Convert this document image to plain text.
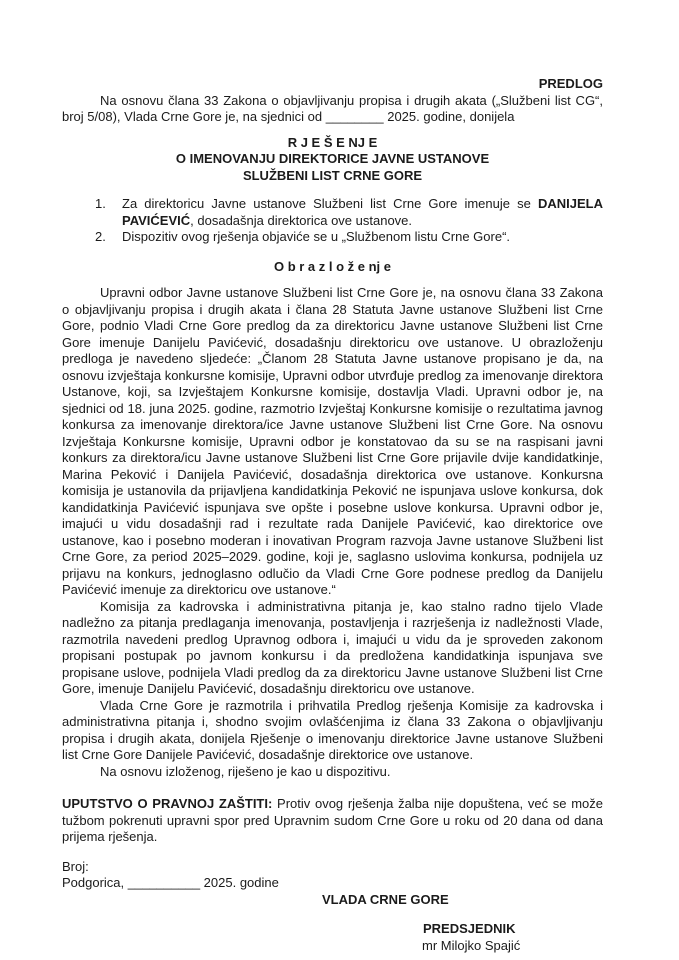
PREDLOG

Na osnovu člana 33 Zakona o objavljivanju propisa i drugih akata („Službeni list CG“, broj 5/08), Vlada Crne Gore je, na sjednici od ________ 2025. godine, donijela

R J E Š E NJ E
O IMENOVANJU DIREKTORICE JAVNE USTANOVE
SLUŽBENI LIST CRNE GORE
1.	Za direktoricu Javne ustanove Službeni list Crne Gore imenuje se DANIJELA PAVIĆEVIĆ, dosadašnja direktorica ove ustanove.
2.	Dispozitiv ovog rješenja objaviće se u „Službenom listu Crne Gore“.
O b r a z l o ž e nj e

Upravni odbor Javne ustanove Službeni list Crne Gore je, na osnovu člana 33 Zakona o objavljivanju propisa i drugih akata i člana 28 Statuta Javne ustanove Službeni list Crne Gore, podnio Vladi Crne Gore predlog da za direktoricu Javne ustanove Službeni list Crne Gore imenuje Danijelu Pavićević, dosadašnju direktoricu ove ustanove. U obrazloženju predloga je navedeno sljedeće: „Članom 28 Statuta Javne ustanove propisano je da, na osnovu izvještaja konkursne komisije, Upravni odbor utvrđuje predlog za imenovanje direktora Ustanove, koji, sa Izvještajem Konkursne komisije, dostavlja Vladi. Upravni odbor je, na sjednici od 18. juna 2025. godine, razmotrio Izvještaj Konkursne komisije o rezultatima javnog konkursa za imenovanje direktora/ice Javne ustanove Službeni list Crne Gore. Na osnovu Izvještaja Konkursne komisije, Upravni odbor je konstatovao da su se na raspisani javni konkurs za direktora/icu Javne ustanove Službeni list Crne Gore prijavile dvije kandidatkinje, Marina Peković i Danijela Pavićević, dosadašnja direktorica ove ustanove. Konkursna komisija je ustanovila da prijavljena kandidatkinja Peković ne ispunjava uslove konkursa, dok kandidatkinja Pavićević ispunjava sve opšte i posebne uslove konkursa. Upravni odbor je, imajući u vidu dosadašnji rad i rezultate rada Danijele Pavićević, kao direktorice ove ustanove, kao i posebno moderan i inovativan Program razvoja Javne ustanove Službeni list Crne Gore, za period 2025–2029. godine, koji je, saglasno uslovima konkursa, podnijela uz prijavu na konkurs, jednoglasno odlučio da Vladi Crne Gore podnese predlog da Danijelu Pavićević imenuje za direktoricu ove ustanove.“

Komisija za kadrovska i administrativna pitanja je, kao stalno radno tijelo Vlade nadležno za pitanja predlaganja imenovanja, postavljenja i razrješenja iz nadležnosti Vlade, razmotrila navedeni predlog Upravnog odbora i, imajući u vidu da je sproveden zakonom propisani postupak po javnom konkursu i da predložena kandidatkinja ispunjava sve propisane uslove, podnijela Vladi predlog da za direktoricu Javne ustanove Službeni list Crne Gore, imenuje Danijelu Pavićević, dosadašnju direktoricu ove ustanove.

Vlada Crne Gore je razmotrila i prihvatila Predlog rješenja Komisije za kadrovska i administrativna pitanja i, shodno svojim ovlašćenjima iz člana 33 Zakona o objavljivanju propisa i drugih akata, donijela Rješenje o imenovanju direktorice Javne ustanove Službeni list Crne Gore Danijele Pavićević, dosadašnje direktorice ove ustanove.

Na osnovu izloženog, riješeno je kao u dispozitivu.

UPUTSTVO O PRAVNOJ ZAŠTITI: Protiv ovog rješenja žalba nije dopuštena, već se može tužbom pokrenuti upravni spor pred Upravnim sudom Crne Gore u roku od 20 dana od dana prijema rješenja.

Broj:
Podgorica, __________ 2025. godine
VLADA CRNE GORE
PREDSJEDNIK
mr Milojko Spajić
